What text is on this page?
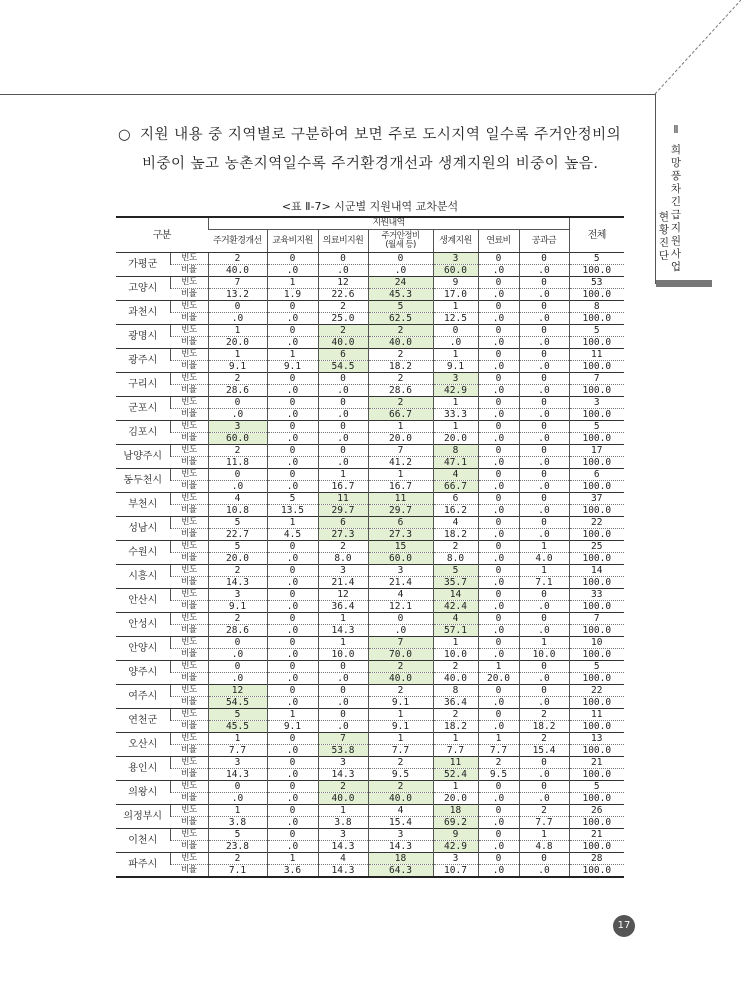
Ⅱ
희망풍차 긴급지원사업
현황 진단
○ 지원 내용 중 지역별로 구분하여 보면 주로 도시지역 일수록 주거안정비의
비중이 높고 농촌지역일수록 주거환경개선과 생계지원의 비중이 높음.
<표 Ⅱ-7> 시군별 지원내역 교차분석
구분		지원내역							전체
		주거환경개선	교육비지원	의료비지원	주거안정비
(월세 등)	생계지원	연료비	공과금	
가평군	빈도	2	0	0	0	3	0	0	5
	비율	40.0	.0	.0	.0	60.0	.0	.0	100.0
고양시	빈도	7	1	12	24	9	0	0	53
	비율	13.2	1.9	22.6	45.3	17.0	.0	.0	100.0
과천시	빈도	0	0	2	5	1	0	0	8
	비율	.0	.0	25.0	62.5	12.5	.0	.0	100.0
광명시	빈도	1	0	2	2	0	0	0	5
	비율	20.0	.0	40.0	40.0	.0	.0	.0	100.0
광주시	빈도	1	1	6	2	1	0	0	11
	비율	9.1	9.1	54.5	18.2	9.1	.0	.0	100.0
구리시	빈도	2	0	0	2	3	0	0	7
	비율	28.6	.0	.0	28.6	42.9	.0	.0	100.0
군포시	빈도	0	0	0	2	1	0	0	3
	비율	.0	.0	.0	66.7	33.3	.0	.0	100.0
김포시	빈도	3	0	0	1	1	0	0	5
	비율	60.0	.0	.0	20.0	20.0	.0	.0	100.0
남양주시	빈도	2	0	0	7	8	0	0	17
	비율	11.8	.0	.0	41.2	47.1	.0	.0	100.0
동두천시	빈도	0	0	1	1	4	0	0	6
	비율	.0	.0	16.7	16.7	66.7	.0	.0	100.0
부천시	빈도	4	5	11	11	6	0	0	37
	비율	10.8	13.5	29.7	29.7	16.2	.0	.0	100.0
성남시	빈도	5	1	6	6	4	0	0	22
	비율	22.7	4.5	27.3	27.3	18.2	.0	.0	100.0
수원시	빈도	5	0	2	15	2	0	1	25
	비율	20.0	.0	8.0	60.0	8.0	.0	4.0	100.0
시흥시	빈도	2	0	3	3	5	0	1	14
	비율	14.3	.0	21.4	21.4	35.7	.0	7.1	100.0
안산시	빈도	3	0	12	4	14	0	0	33
	비율	9.1	.0	36.4	12.1	42.4	.0	.0	100.0
안성시	빈도	2	0	1	0	4	0	0	7
	비율	28.6	.0	14.3	.0	57.1	.0	.0	100.0
안양시	빈도	0	0	1	7	1	0	1	10
	비율	.0	.0	10.0	70.0	10.0	.0	10.0	100.0
양주시	빈도	0	0	0	2	2	1	0	5
	비율	.0	.0	.0	40.0	40.0	20.0	.0	100.0
여주시	빈도	12	0	0	2	8	0	0	22
	비율	54.5	.0	.0	9.1	36.4	.0	.0	100.0
연천군	빈도	5	1	0	1	2	0	2	11
	비율	45.5	9.1	.0	9.1	18.2	.0	18.2	100.0
오산시	빈도	1	0	7	1	1	1	2	13
	비율	7.7	.0	53.8	7.7	7.7	7.7	15.4	100.0
용인시	빈도	3	0	3	2	11	2	0	21
	비율	14.3	.0	14.3	9.5	52.4	9.5	.0	100.0
의왕시	빈도	0	0	2	2	1	0	0	5
	비율	.0	.0	40.0	40.0	20.0	.0	.0	100.0
의정부시	빈도	1	0	1	4	18	0	2	26
	비율	3.8	.0	3.8	15.4	69.2	.0	7.7	100.0
이천시	빈도	5	0	3	3	9	0	1	21
	비율	23.8	.0	14.3	14.3	42.9	.0	4.8	100.0
파주시	빈도	2	1	4	18	3	0	0	28
	비율	7.1	3.6	14.3	64.3	10.7	.0	.0	100.0
17
